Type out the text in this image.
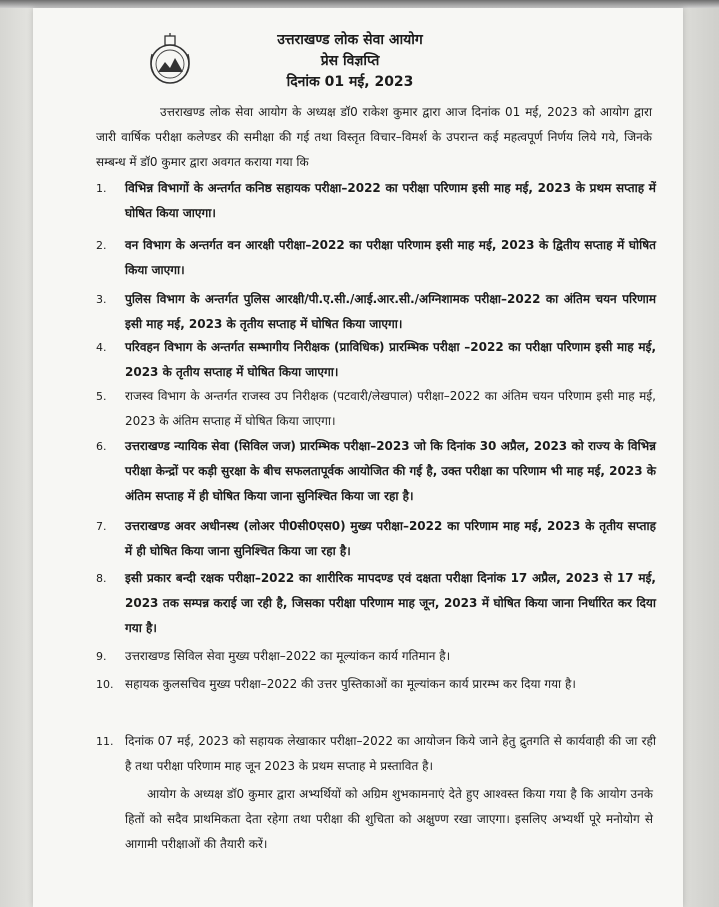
उत्तराखण्ड लोक सेवा आयोग
प्रेस विज्ञप्ति
दिनांक 01 मई, 2023
उत्तराखण्ड लोक सेवा आयोग के अध्यक्ष डॉ0 राकेश कुमार द्वारा आज दिनांक 01 मई, 2023 को आयोग द्वारा जारी वार्षिक परीक्षा कलेण्डर की समीक्षा की गई तथा विस्तृत विचार–विमर्श के उपरान्त कई महत्वपूर्ण निर्णय लिये गये, जिनके सम्बन्ध में डॉ0 कुमार द्वारा अवगत कराया गया कि
1. विभिन्न विभागों के अन्तर्गत कनिष्ठ सहायक परीक्षा–2022 का परीक्षा परिणाम इसी माह मई, 2023 के प्रथम सप्ताह में घोषित किया जाएगा।
2. वन विभाग के अन्तर्गत वन आरक्षी परीक्षा–2022 का परीक्षा परिणाम इसी माह मई, 2023 के द्वितीय सप्ताह में घोषित किया जाएगा।
3. पुलिस विभाग के अन्तर्गत पुलिस आरक्षी/पी.ए.सी./आई.आर.सी./अग्निशामक परीक्षा–2022 का अंतिम चयन परिणाम इसी माह मई, 2023 के तृतीय सप्ताह में घोषित किया जाएगा।
4. परिवहन विभाग के अन्तर्गत सम्भागीय निरीक्षक (प्राविधिक) प्रारम्भिक परीक्षा –2022 का परीक्षा परिणाम इसी माह मई, 2023 के तृतीय सप्ताह में घोषित किया जाएगा।
5. राजस्व विभाग के अन्तर्गत राजस्व उप निरीक्षक (पटवारी/लेखपाल) परीक्षा–2022 का अंतिम चयन परिणाम इसी माह मई, 2023 के अंतिम सप्ताह में घोषित किया जाएगा।
6. उत्तराखण्ड न्यायिक सेवा (सिविल जज) प्रारम्भिक परीक्षा–2023 जो कि दिनांक 30 अप्रैल, 2023 को राज्य के विभिन्न परीक्षा केन्द्रों पर कड़ी सुरक्षा के बीच सफलतापूर्वक आयोजित की गई है, उक्त परीक्षा का परिणाम भी माह मई, 2023 के अंतिम सप्ताह में ही घोषित किया जाना सुनिश्चित किया जा रहा है।
7. उत्तराखण्ड अवर अधीनस्थ (लोअर पी0सी0एस0) मुख्य परीक्षा–2022 का परिणाम माह मई, 2023 के तृतीय सप्ताह में ही घोषित किया जाना सुनिश्चित किया जा रहा है।
8. इसी प्रकार बन्दी रक्षक परीक्षा–2022 का शारीरिक मापदण्ड एवं दक्षता परीक्षा दिनांक 17 अप्रैल, 2023 से 17 मई, 2023 तक सम्पन्न कराई जा रही है, जिसका परीक्षा परिणाम माह जून, 2023 में घोषित किया जाना निर्धारित कर दिया गया है।
9. उत्तराखण्ड सिविल सेवा मुख्य परीक्षा–2022 का मूल्यांकन कार्य गतिमान है।
10. सहायक कुलसचिव मुख्य परीक्षा–2022 की उत्तर पुस्तिकाओं का मूल्यांकन कार्य प्रारम्भ कर दिया गया है।
11. दिनांक 07 मई, 2023 को सहायक लेखाकार परीक्षा–2022 का आयोजन किये जाने हेतु द्रुतगति से कार्यवाही की जा रही है तथा परीक्षा परिणाम माह जून 2023 के प्रथम सप्ताह मे प्रस्तावित है।
आयोग के अध्यक्ष डॉ0 कुमार द्वारा अभ्यर्थियों को अग्रिम शुभकामनाएं देते हुए आश्वस्त किया गया है कि आयोग उनके हितों को सदैव प्राथमिकता देता रहेगा तथा परीक्षा की शुचिता को अक्षुण्ण रखा जाएगा। इसलिए अभ्यर्थी पूरे मनोयोग से आगामी परीक्षाओं की तैयारी करें।
